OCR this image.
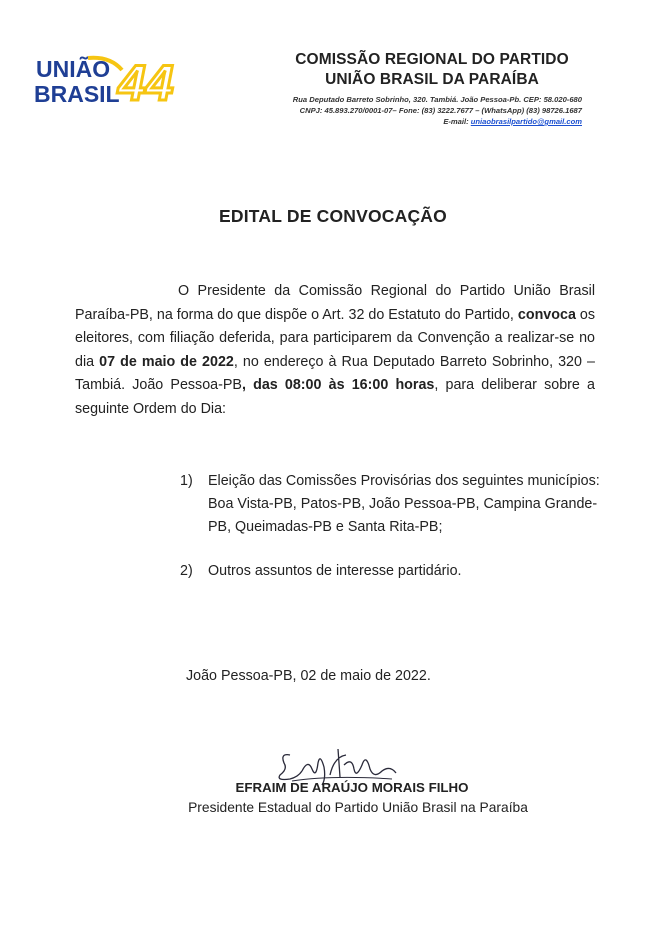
UNIÃO
BRASIL
44	COMISSÃO REGIONAL DO PARTIDO
UNIÃO BRASIL DA PARAÍBA
Rua Deputado Barreto Sobrinho, 320. Tambiá. João Pessoa-Pb. CEP: 58.020-680
CNPJ: 45.893.270/0001-07– Fone: (83) 3222.7677 – (WhatsApp) (83) 98726.1687
E-mail: uniaobrasilpartido@gmail.com
EDITAL DE CONVOCAÇÃO
O Presidente da Comissão Regional do Partido União Brasil Paraíba-PB, na forma do que dispõe o Art. 32 do Estatuto do Partido, convoca os eleitores, com filiação deferida, para participarem da Convenção a realizar-se no dia 07 de maio de 2022, no endereço à Rua Deputado Barreto Sobrinho, 320 – Tambiá. João Pessoa-PB, das 08:00 às 16:00 horas, para deliberar sobre a seguinte Ordem do Dia:
1)	Eleição das Comissões Provisórias dos seguintes municípios: Boa Vista-PB, Patos-PB, João Pessoa-PB, Campina Grande-PB, Queimadas-PB e Santa Rita-PB;
2)	Outros assuntos de interesse partidário.
João Pessoa-PB, 02 de maio de 2022.
EFRAIM DE ARAÚJO MORAIS FILHO
Presidente Estadual do Partido União Brasil na Paraíba
